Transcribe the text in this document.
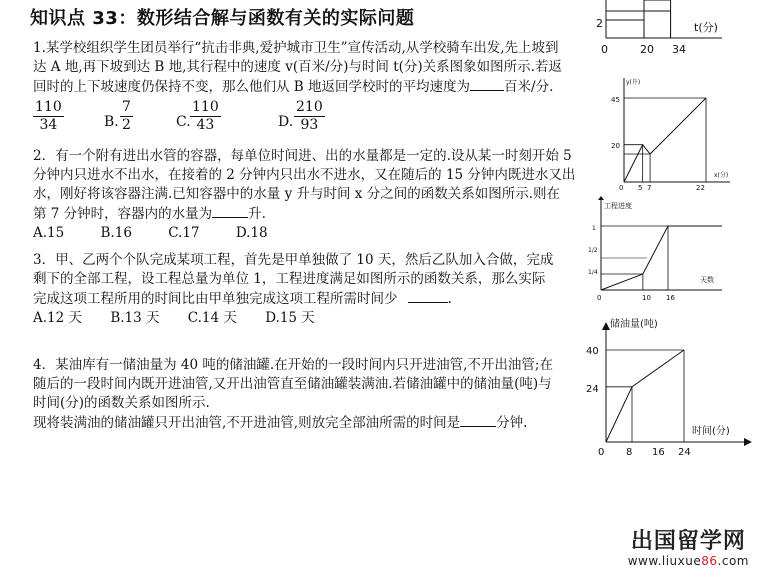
知识点 33：数形结合解与函数有关的实际问题
1.某学校组织学生团员举行“抗击非典,爱护城市卫生”宣传活动,从学校骑车出发,先上坡到
达 A 地,再下坡到达 B 地,其行程中的速度 v(百米/分)与时间 t(分)关系图象如图所示.若返
回时的上下坡速度仍保持不变，那么他们从 B 地返回学校时的平均速度为	百米/分.
$\frac{110}{34}$	B. $\frac{7}{2}$	C. $\frac{110}{43}$	D. $\frac{210}{93}$
2．有一个附有进出水管的容器，每单位时间进、出的水量都是一定的.设从某一时刻开始 5
分钟内只进水不出水，在接着的 2 分钟内只出水不进水，又在随后的 15 分钟内既进水又出
水，刚好将该容器注满.已知容器中的水量 y 升与时间 x 分之间的函数关系如图所示.则在
第 7 分钟时，容器内的水量为	升.
A.15	B.16	C.17	D.18
3．甲、乙两个个队完成某项工程，首先是甲单独做了 10 天，然后乙队加入合做，完成
剩下的全部工程，设工程总量为单位 1，工程进度满足如图所示的函数关系，那么实际
完成这项工程所用的时间比由甲单独完成这项工程所需时间少	.
A.12 天 B.13 天 C.14 天 D.15 天
4．某油库有一储油量为 40 吨的储油罐.在开始的一段时间内只开进油管,不开出油管;在
随后的一段时间内既开进油管,又开出油管直至储油罐装满油.若储油罐中的储油量(吨)与
时间(分)的函数关系如图所示.
现将装满油的储油罐只开出油管,不开进油管,则放完全部油所需的时间是	分钟.
2
0	20 34
t(分)
y(升)
x(分)
45
20
0 5 7	22
工程进度
天数
1
1/2
1/4
0	10 16
储油量(吨)
时间(分)
40
24
0 8 16 24
出国留学网
www.liuxue86.com
